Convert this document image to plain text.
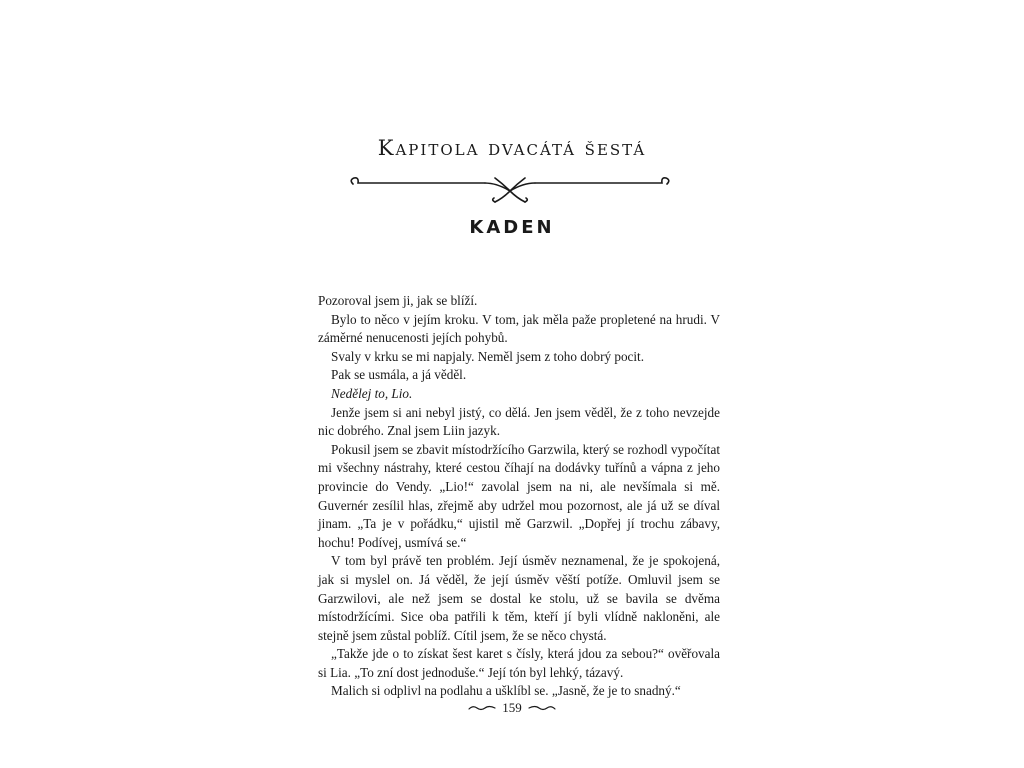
Kapitola dvacátá šestá
KADEN

Pozoroval jsem ji, jak se blíží.

Bylo to něco v jejím kroku. V tom, jak měla paže propletené na hrudi. V záměrné nenucenosti jejích pohybů.

Svaly v krku se mi napjaly. Neměl jsem z toho dobrý pocit.

Pak se usmála, a já věděl.

Nedělej to, Lio.

Jenže jsem si ani nebyl jistý, co dělá. Jen jsem věděl, že z toho nevzejde nic dobrého. Znal jsem Liin jazyk.

Pokusil jsem se zbavit místodržícího Garzwila, který se rozhodl vypočítat mi všechny nástrahy, které cestou číhají na dodávky tuřínů a vápna z jeho provincie do Vendy. „Lio!“ zavolal jsem na ni, ale nevšímala si mě. Guvernér zesílil hlas, zřejmě aby udržel mou pozornost, ale já už se díval jinam. „Ta je v pořádku,“ ujistil mě Garzwil. „Dopřej jí trochu zábavy, hochu! Podívej, usmívá se.“

V tom byl právě ten problém. Její úsměv neznamenal, že je spokojená, jak si myslel on. Já věděl, že její úsměv věští potíže. Omluvil jsem se Garzwilovi, ale než jsem se dostal ke stolu, už se bavila se dvěma místodržícími. Sice oba patřili k těm, kteří jí byli vlídně nakloněni, ale stejně jsem zůstal poblíž. Cítil jsem, že se něco chystá.

„Takže jde o to získat šest karet s čísly, která jdou za sebou?“ ověřovala si Lia. „To zní dost jednoduše.“ Její tón byl lehký, tázavý.

Malich si odplivl na podlahu a ušklíbl se. „Jasně, že je to snadný.“

159
